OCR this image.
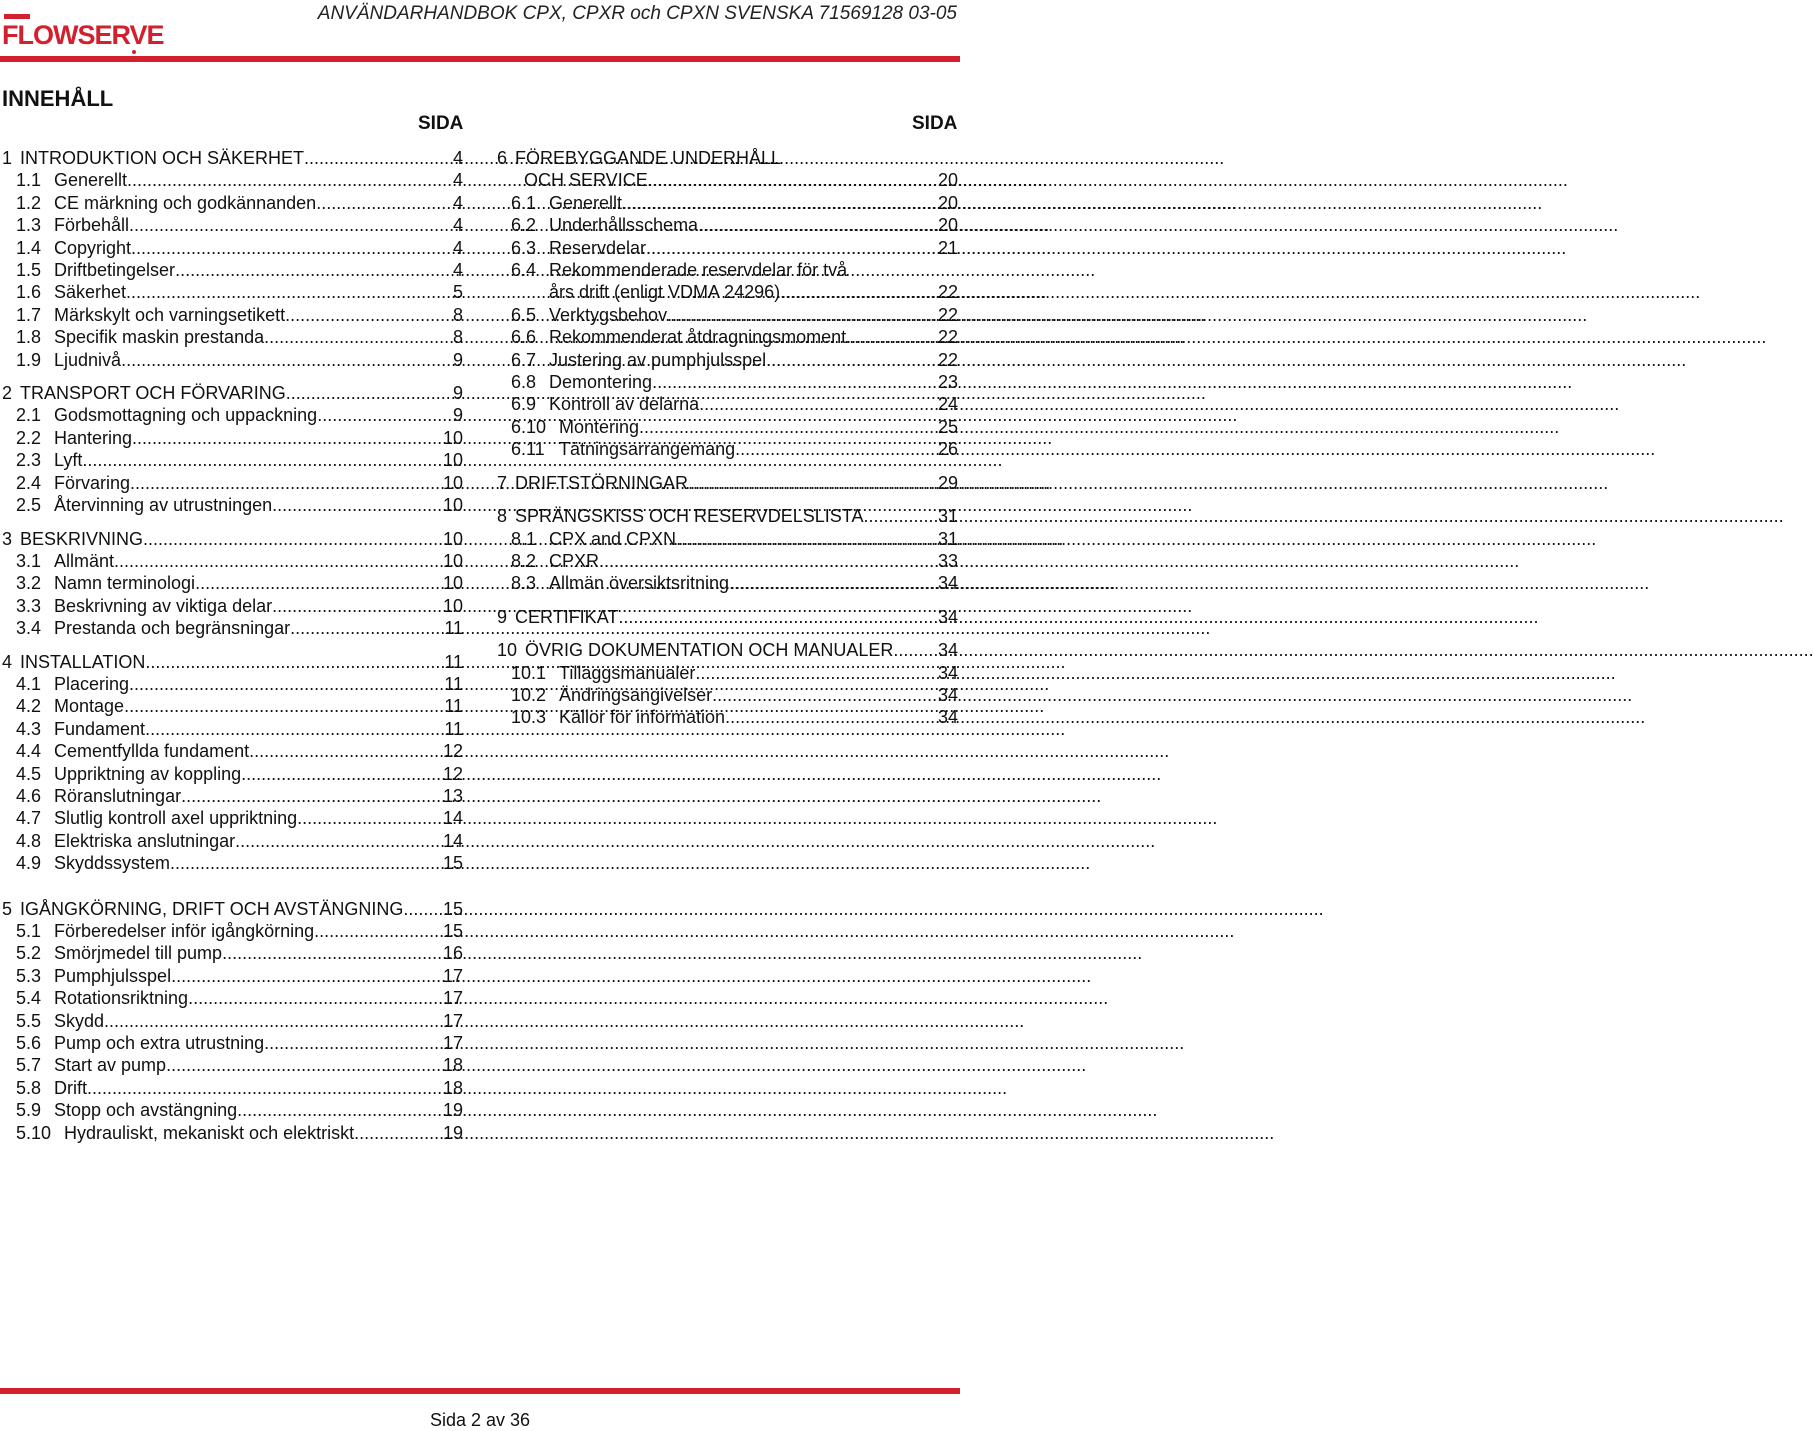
FLOWSERVE
ANVÄNDARHANDBOK CPX, CPXR och CPXN SVENSKA 71569128 03-05
INNEHÅLL
SIDA	SIDA
1 INTRODUKTION OCH SÄKERHET .....	4
1.1 Generellt .....	4
1.2 CE märkning och godkännanden .....	4
1.3 Förbehåll .....	4
1.4 Copyright .....	4
1.5 Driftbetingelser .....	4
1.6 Säkerhet .....	5
1.7 Märkskylt och varningsetikett .....	8
1.8 Specifik maskin prestanda .....	8
1.9 Ljudnivå .....	9
2 TRANSPORT OCH FÖRVARING .....	9
2.1 Godsmottagning och uppackning .....	9
2.2 Hantering .....	10
2.3 Lyft .....	10
2.4 Förvaring .....	10
2.5 Återvinning av utrustningen .....	10
3 BESKRIVNING .....	10
3.1 Allmänt .....	10
3.2 Namn terminologi .....	10
3.3 Beskrivning av viktiga delar .....	10
3.4 Prestanda och begränsningar .....	11
4 INSTALLATION .....	11
4.1 Placering .....	11
4.2 Montage .....	11
4.3 Fundament .....	11
4.4 Cementfyllda fundament .....	12
4.5 Uppriktning av koppling .....	12
4.6 Röranslutningar .....	13
4.7 Slutlig kontroll axel uppriktning .....	14
4.8 Elektriska anslutningar .....	14
4.9 Skyddssystem .....	15
5 IGÅNGKÖRNING, DRIFT OCH AVSTÄNGNING ..... 15
5.1 Förberedelser inför igångkörning .....	15
5.2 Smörjmedel till pump .....	16
5.3 Pumphjulsspel .....	17
5.4 Rotationsriktning .....	17
5.5 Skydd .....	17
5.6 Pump och extra utrustning .....	17
5.7 Start av pump .....	18
5.8 Drift .....	18
5.9 Stopp och avstängning .....	19
5.10 Hydrauliskt, mekaniskt och elektriskt .....	19
6 FÖREBYGGANDE UNDERHÅLL
OCH SERVICE .....	20
6.1 Generellt .....	20
6.2 Underhållsschema .....	20
6.3 Reservdelar .....	21
6.4 Rekommenderade reservdelar för två
års drift (enligt VDMA 24296) .....	22
6.5 Verktygsbehov .....	22
6.6 Rekommenderat åtdragningsmoment .....	22
6.7 Justering av pumphjulsspel .....	22
6.8 Demontering .....	23
6.9 Kontroll av delarna .....	24
6.10 Montering .....	25
6.11 Tätningsarrangemang .....	26
7 DRIFTSTÖRNINGAR .....	29
8 SPRÄNGSKISS OCH RESERVDELSLISTA .....	31
8.1 CPX and CPXN .....	31
8.2 CPXR .....	33
8.3 Allmän översiktsritning .....	34
9 CERTIFIKAT .....	34
10 ÖVRIG DOKUMENTATION OCH MANUALER ..... 34
10.1 Tilläggsmanualer .....	34
10.2 Ändringsangivelser .....	34
10.3 Källor för information .....	34
Sida 2 av 36
